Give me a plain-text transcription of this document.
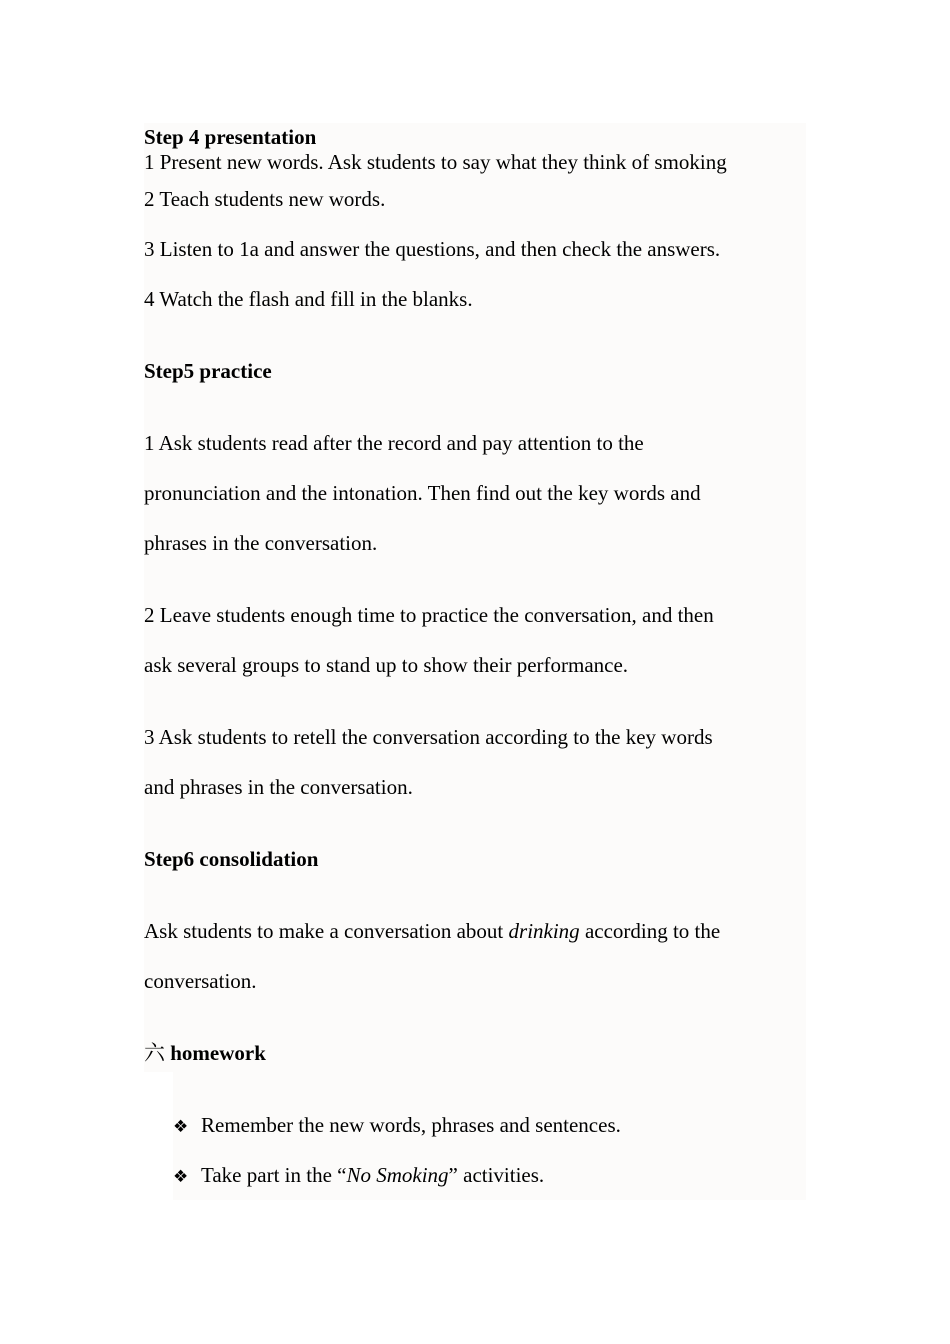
Step 4 presentation
1 Present new words. Ask students to say what they think of smoking
2 Teach students new words.
3 Listen to 1a and answer the questions, and then check the answers.
4 Watch the flash and fill in the blanks.
Step5 practice
1 Ask students read after the record and pay attention to the
pronunciation and the intonation. Then find out the key words and
phrases in the conversation.
2 Leave students enough time to practice the conversation, and then
ask several groups to stand up to show their performance.
3 Ask students to retell the conversation according to the key words
and phrases in the conversation.
Step6 consolidation
Ask students to make a conversation about drinking according to the
conversation.
六 homework
❖ Remember the new words, phrases and sentences.
❖ Take part in the “No Smoking” activities.
